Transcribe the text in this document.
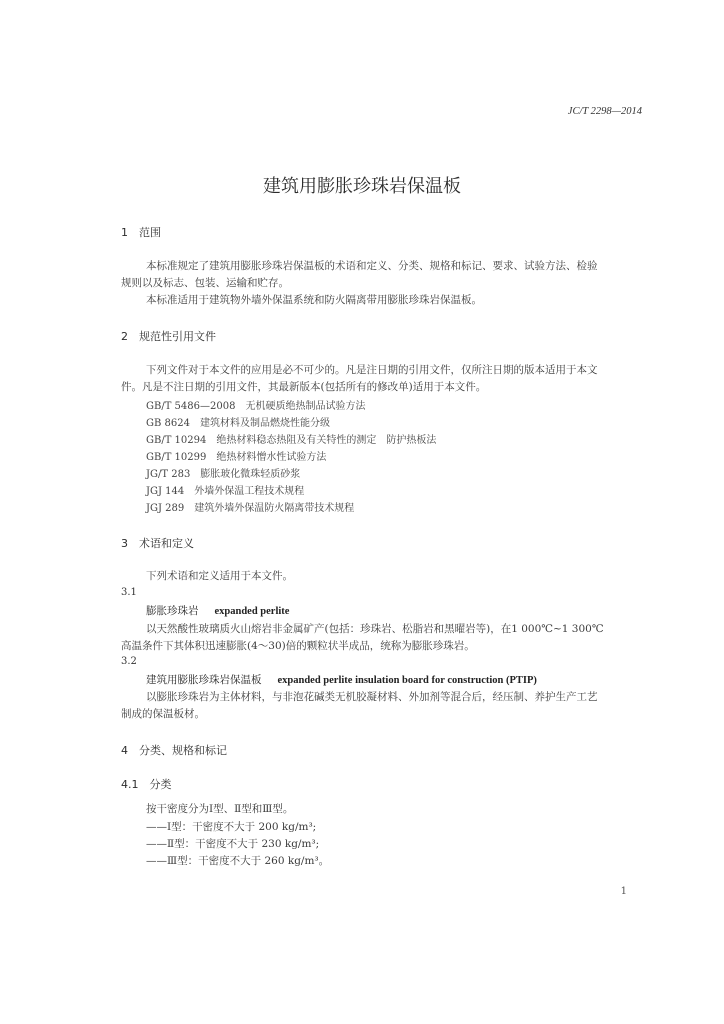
JC/T 2298—2014
建筑用膨胀珍珠岩保温板
1　范围
本标准规定了建筑用膨胀珍珠岩保温板的术语和定义、分类、规格和标记、要求、试验方法、检验
规则以及标志、包装、运输和贮存。
本标准适用于建筑物外墙外保温系统和防火隔离带用膨胀珍珠岩保温板。
2　规范性引用文件
下列文件对于本文件的应用是必不可少的。凡是注日期的引用文件，仅所注日期的版本适用于本文
件。凡是不注日期的引用文件，其最新版本(包括所有的修改单)适用于本文件。
GB/T 5486—2008　无机硬质绝热制品试验方法
GB 8624　建筑材料及制品燃烧性能分级
GB/T 10294　绝热材料稳态热阻及有关特性的测定　防护热板法
GB/T 10299　绝热材料憎水性试验方法
JG/T 283　膨胀玻化微珠轻质砂浆
JGJ 144　外墙外保温工程技术规程
JGJ 289　建筑外墙外保温防火隔离带技术规程
3　术语和定义
下列术语和定义适用于本文件。
3.1
膨胀珍珠岩 expanded perlite
以天然酸性玻璃质火山熔岩非金属矿产(包括：珍珠岩、松脂岩和黑曜岩等)，在1 000℃~1 300℃
高温条件下其体积迅速膨胀(4～30)倍的颗粒状半成品，统称为膨胀珍珠岩。
3.2
建筑用膨胀珍珠岩保温板 expanded perlite insulation board for construction (PTIP)
以膨胀珍珠岩为主体材料，与非泡花碱类无机胶凝材料、外加剂等混合后，经压制、养护生产工艺
制成的保温板材。
4　分类、规格和标记
4.1　分类
按干密度分为Ⅰ型、Ⅱ型和Ⅲ型。
——Ⅰ型：干密度不大于 200 kg/m³;
——Ⅱ型：干密度不大于 230 kg/m³;
——Ⅲ型：干密度不大于 260 kg/m³。
1
